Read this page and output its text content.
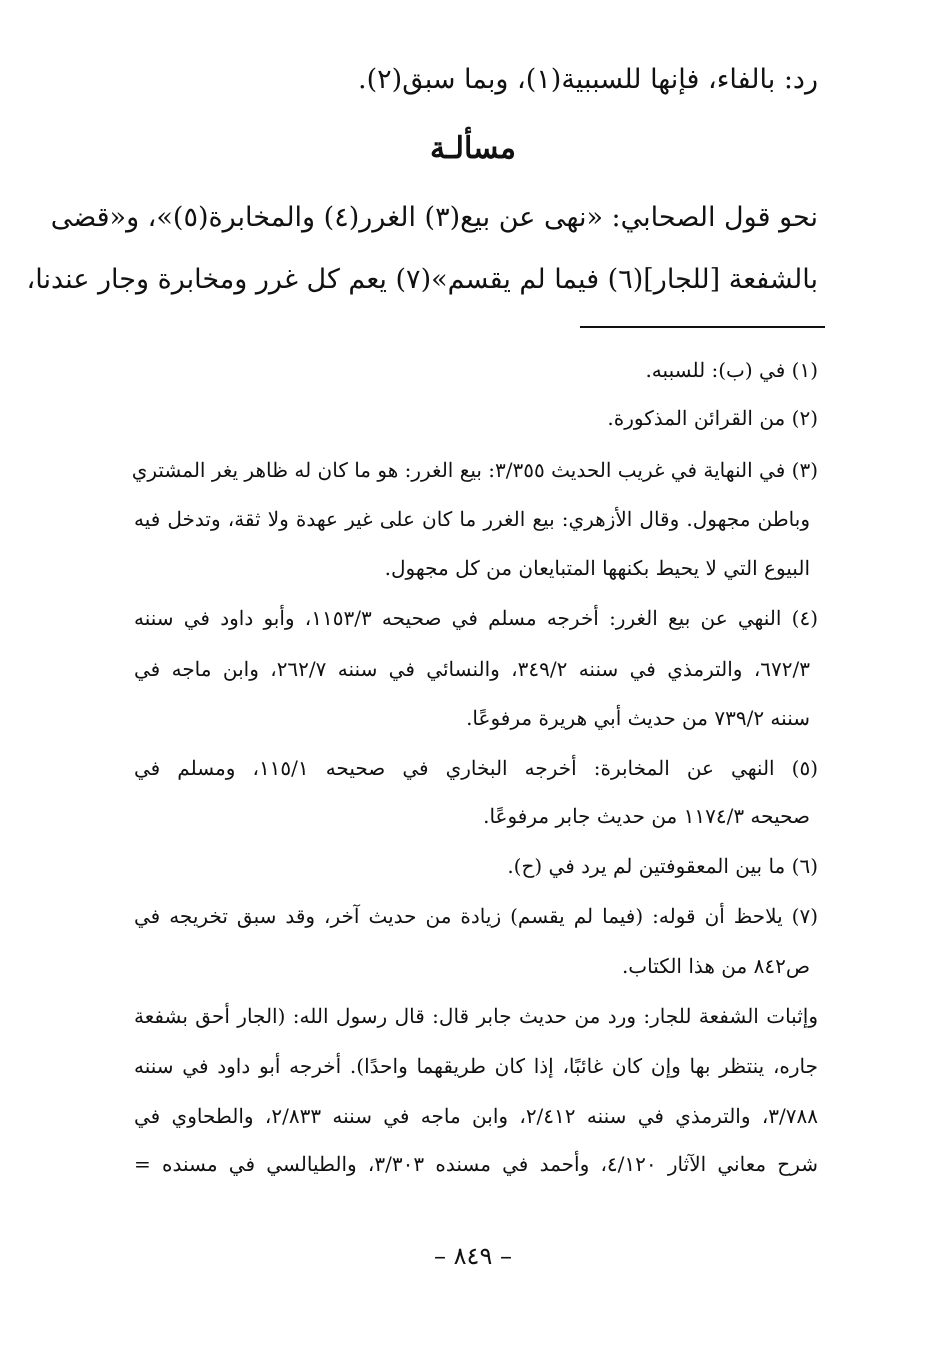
رد: بالفاء، فإنها للسببية(١)، وبما سبق(٢).
مسألـة
نحو قول الصحابي: «نهى عن بيع(٣) الغرر(٤) والمخابرة(٥)»، و«قضى
بالشفعة [للجار](٦) فيما لم يقسم»(٧) يعم كل غرر ومخابرة وجار عندنا،
(١) في (ب): للسببه.
(٢) من القرائن المذكورة.
(٣) في النهاية في غريب الحديث ٣/٣٥٥: بيع الغرر: هو ما كان له ظاهر يغر المشتري
وباطن مجهول. وقال الأزهري: بيع الغرر ما كان على غير عهدة ولا ثقة، وتدخل فيه
البيوع التي لا يحيط بكنهها المتبايعان من كل مجهول.
(٤) النهي عن بيع الغرر: أخرجه مسلم في صحيحه ١١٥٣/٣، وأبو داود في سننه
٦٧٢/٣، والترمذي في سننه ٣٤٩/٢، والنسائي في سننه ٢٦٢/٧، وابن ماجه في
سننه ٧٣٩/٢ من حديث أبي هريرة مرفوعًا.
(٥) النهي عن المخابرة: أخرجه البخاري في صحيحه ١١٥/١، ومسلم في
صحيحه ١١٧٤/٣ من حديث جابر مرفوعًا.
(٦) ما بين المعقوفتين لم يرد في (ح).
(٧) يلاحظ أن قوله: (فيما لم يقسم) زيادة من حديث آخر، وقد سبق تخريجه في
ص٨٤٢ من هذا الكتاب.
وإثبات الشفعة للجار: ورد من حديث جابر قال: قال رسول الله: (الجار أحق بشفعة
جاره، ينتظر بها وإن كان غائبًا، إذا كان طريقهما واحدًا). أخرجه أبو داود في سننه
٣/٧٨٨، والترمذي في سننه ٢/٤١٢، وابن ماجه في سننه ٢/٨٣٣، والطحاوي في
شرح معاني الآثار ٤/١٢٠، وأحمد في مسنده ٣/٣٠٣، والطيالسي في مسنده =
– ٨٤٩ –
